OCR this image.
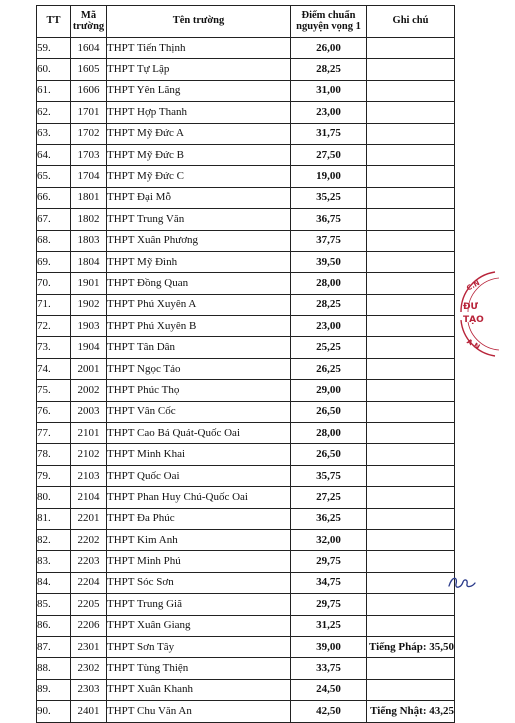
TT	Mã trường	Tên trường	Điểm chuẩn nguyện vọng 1	Ghi chú
59.	1604	THPT Tiến Thịnh	26,00	
60.	1605	THPT Tự Lập	28,25	
61.	1606	THPT Yên Lãng	31,00	
62.	1701	THPT Hợp Thanh	23,00	
63.	1702	THPT Mỹ Đức A	31,75	
64.	1703	THPT Mỹ Đức B	27,50	
65.	1704	THPT Mỹ Đức C	19,00	
66.	1801	THPT Đại Mỗ	35,25	
67.	1802	THPT Trung Văn	36,75	
68.	1803	THPT Xuân Phương	37,75	
69.	1804	THPT Mỹ Đình	39,50	
70.	1901	THPT Đồng Quan	28,00	
71.	1902	THPT Phú Xuyên A	28,25	
72.	1903	THPT Phú Xuyên B	23,00	
73.	1904	THPT Tân Dân	25,25	
74.	2001	THPT Ngọc Tảo	26,25	
75.	2002	THPT Phúc Thọ	29,00	
76.	2003	THPT Vân Cốc	26,50	
77.	2101	THPT Cao Bá Quát-Quốc Oai	28,00	
78.	2102	THPT Minh Khai	26,50	
79.	2103	THPT Quốc Oai	35,75	
80.	2104	THPT Phan Huy Chú-Quốc Oai	27,25	
81.	2201	THPT Đa Phúc	36,25	
82.	2202	THPT Kim Anh	32,00	
83.	2203	THPT Minh Phú	29,75	
84.	2204	THPT Sóc Sơn	34,75	
85.	2205	THPT Trung Giã	29,75	
86.	2206	THPT Xuân Giang	31,25	
87.	2301	THPT Sơn Tây	39,00	Tiếng Pháp: 35,50
88.	2302	THPT Tùng Thiện	33,75	
89.	2303	THPT Xuân Khanh	24,50	
90.	2401	THPT Chu Văn An	42,50	Tiếng Nhật: 43,25
C.N
A N
ĐƯ
TẠO
